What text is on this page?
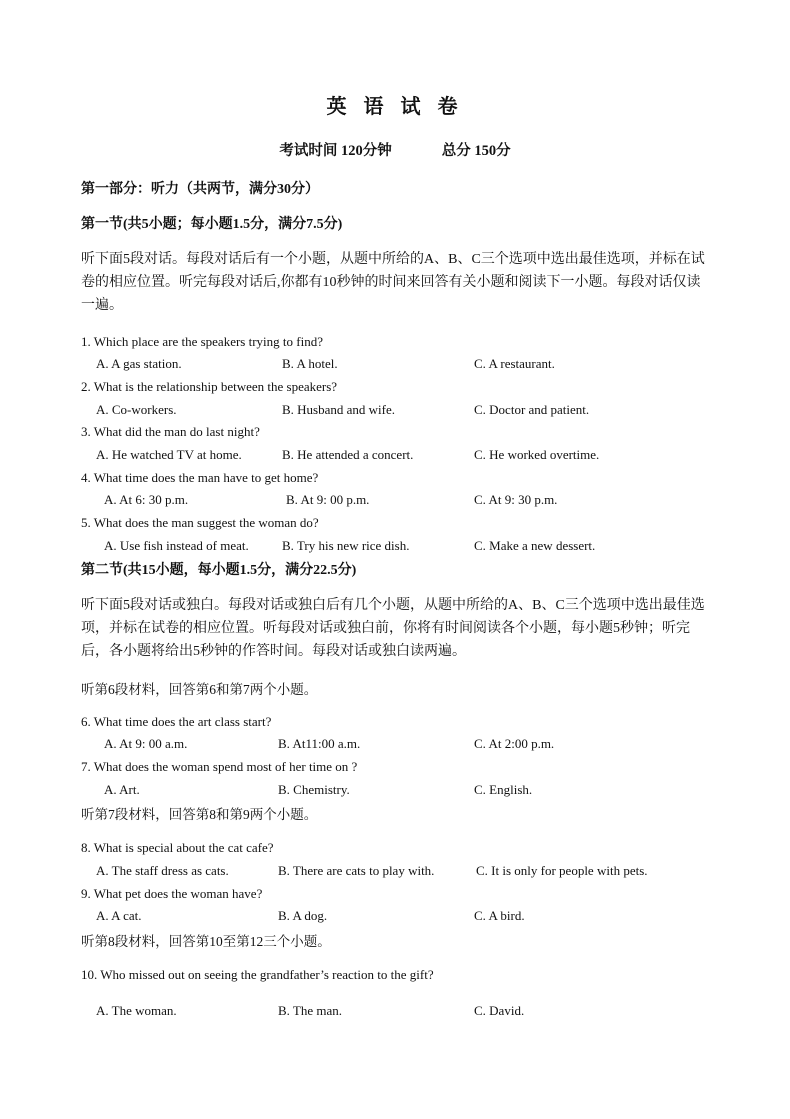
英 语 试 卷
考试时间 120分钟	总分 150分
第一部分：听力（共两节，满分30分）
第一节(共5小题；每小题1.5分，满分7.5分)
听下面5段对话。每段对话后有一个小题，从题中所给的A、B、C三个选项中选出最佳选项，并标在试卷的相应位置。听完每段对话后,你都有10秒钟的时间来回答有关小题和阅读下一小题。每段对话仅读一遍。
1. Which place are the speakers trying to find?
A. A gas station.	B. A hotel.	C. A restaurant.
2. What is the relationship between the speakers?
A. Co-workers.	B. Husband and wife.	C. Doctor and patient.
3. What did the man do last night?
A. He watched TV at home.	B. He attended a concert.	C. He worked overtime.
4. What time does the man have to get home?
A. At 6: 30 p.m.	B. At 9: 00 p.m.	C. At 9: 30 p.m.
5. What does the man suggest the woman do?
A. Use fish instead of meat.	B. Try his new rice dish.	C. Make a new dessert.
第二节(共15小题，每小题1.5分，满分22.5分)
听下面5段对话或独白。每段对话或独白后有几个小题，从题中所给的A、B、C三个选项中选出最佳选项，并标在试卷的相应位置。听每段对话或独白前，你将有时间阅读各个小题，每小题5秒钟；听完后，各小题将给出5秒钟的作答时间。每段对话或独白读两遍。
听第6段材料，回答第6和第7两个小题。
6. What time does the art class start?
A. At 9: 00 a.m.	B. At11:00 a.m.	C. At 2:00 p.m.
7. What does the woman spend most of her time on ?
A. Art.	B. Chemistry.	C. English.
听第7段材料，回答第8和第9两个小题。
8. What is special about the cat cafe?
A. The staff dress as cats.	B. There are cats to play with.	C. It is only for people with pets.
9. What pet does the woman have?
A. A cat.	B. A dog.	C. A bird.
听第8段材料，回答第10至第12三个小题。
10. Who missed out on seeing the grandfather’s reaction to the gift?
A. The woman.	B. The man.	C. David.
